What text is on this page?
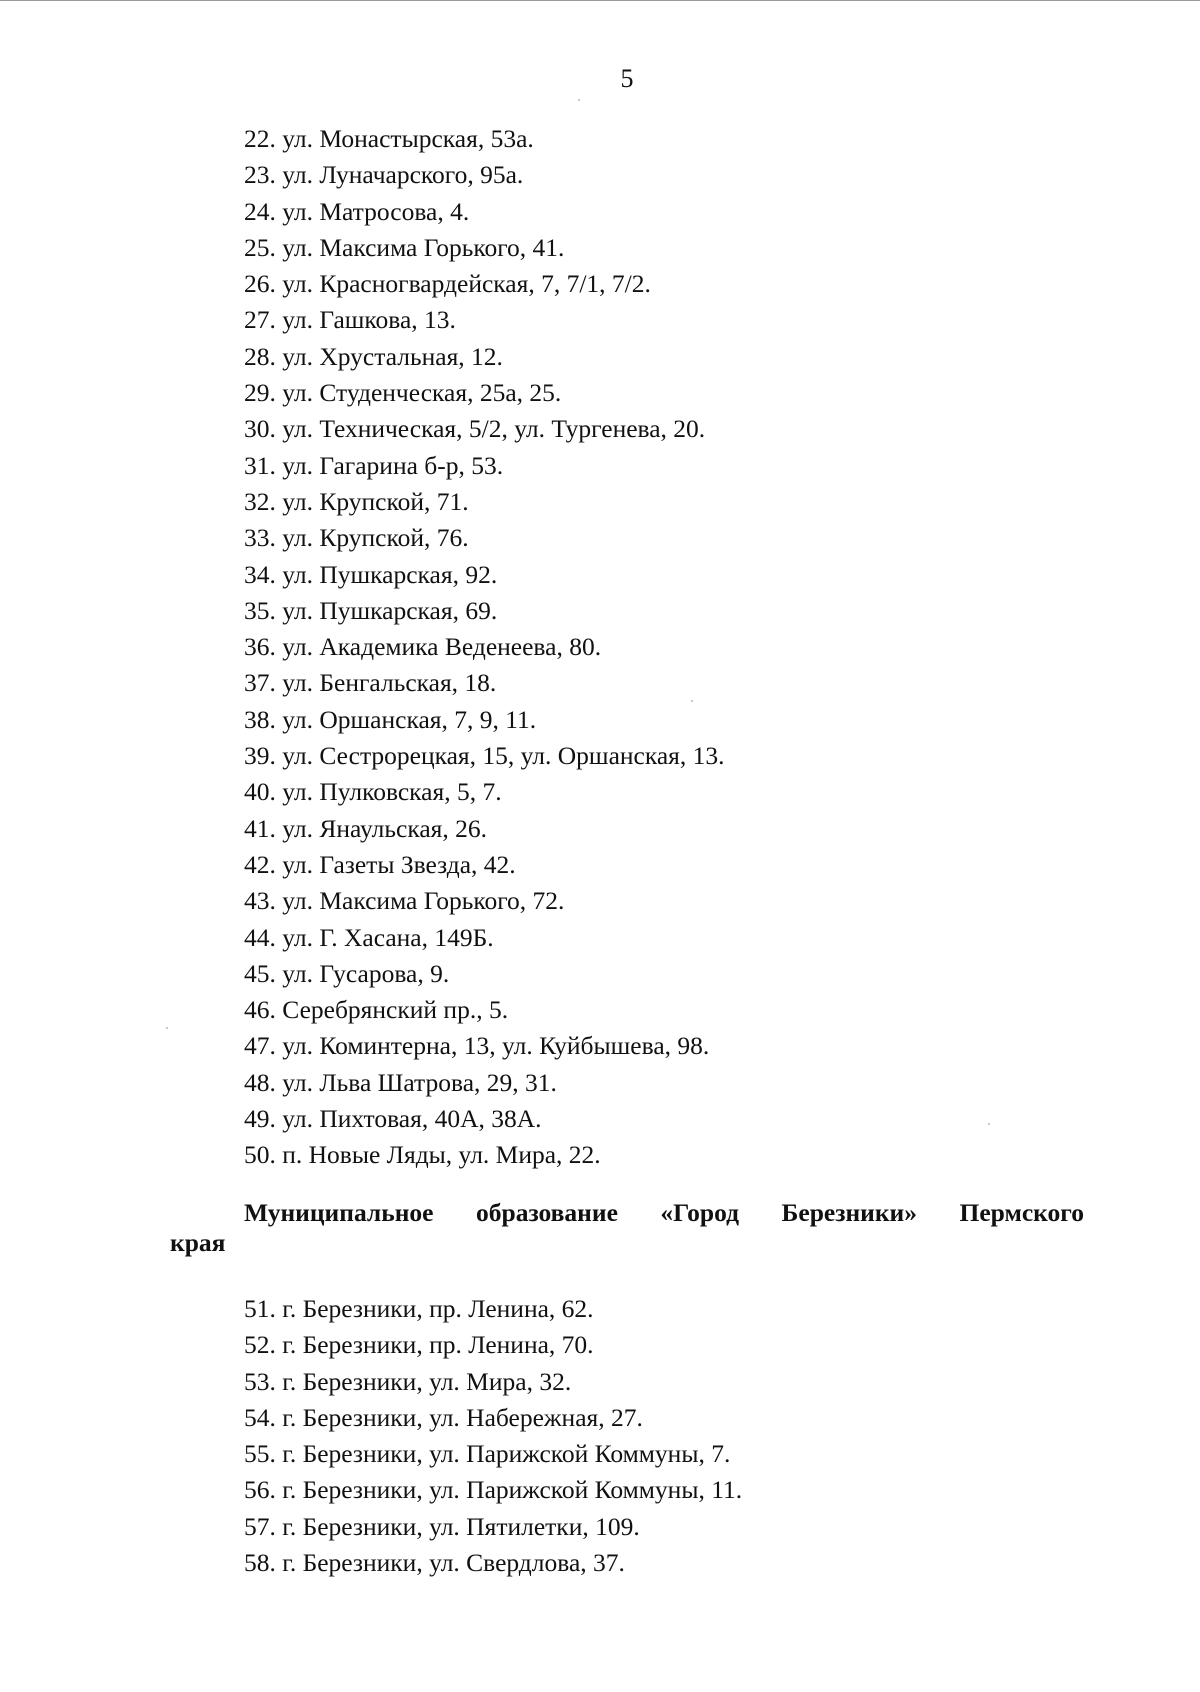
5
22. ул. Монастырская, 53а.
23. ул. Луначарского, 95а.
24. ул. Матросова, 4.
25. ул. Максима Горького, 41.
26. ул. Красногвардейская, 7, 7/1, 7/2.
27. ул. Гашкова, 13.
28. ул. Хрустальная, 12.
29. ул. Студенческая, 25а, 25.
30. ул. Техническая, 5/2, ул. Тургенева, 20.
31. ул. Гагарина б-р, 53.
32. ул. Крупской, 71.
33. ул. Крупской, 76.
34. ул. Пушкарская, 92.
35. ул. Пушкарская, 69.
36. ул. Академика Веденеева, 80.
37. ул. Бенгальская, 18.
38. ул. Оршанская, 7, 9, 11.
39. ул. Сестрорецкая, 15, ул. Оршанская, 13.
40. ул. Пулковская, 5, 7.
41. ул. Янаульская, 26.
42. ул. Газеты Звезда, 42.
43. ул. Максима Горького, 72.
44. ул. Г. Хасана, 149Б.
45. ул. Гусарова, 9.
46. Серебрянский пр., 5.
47. ул. Коминтерна, 13, ул. Куйбышева, 98.
48. ул. Льва Шатрова, 29, 31.
49. ул. Пихтовая, 40А, 38А.
50. п. Новые Ляды, ул. Мира, 22.
Муниципальное образование «Город Березники» Пермского
края
51. г. Березники, пр. Ленина, 62.
52. г. Березники, пр. Ленина, 70.
53. г. Березники, ул. Мира, 32.
54. г. Березники, ул. Набережная, 27.
55. г. Березники, ул. Парижской Коммуны, 7.
56. г. Березники, ул. Парижской Коммуны, 11.
57. г. Березники, ул. Пятилетки, 109.
58. г. Березники, ул. Свердлова, 37.
